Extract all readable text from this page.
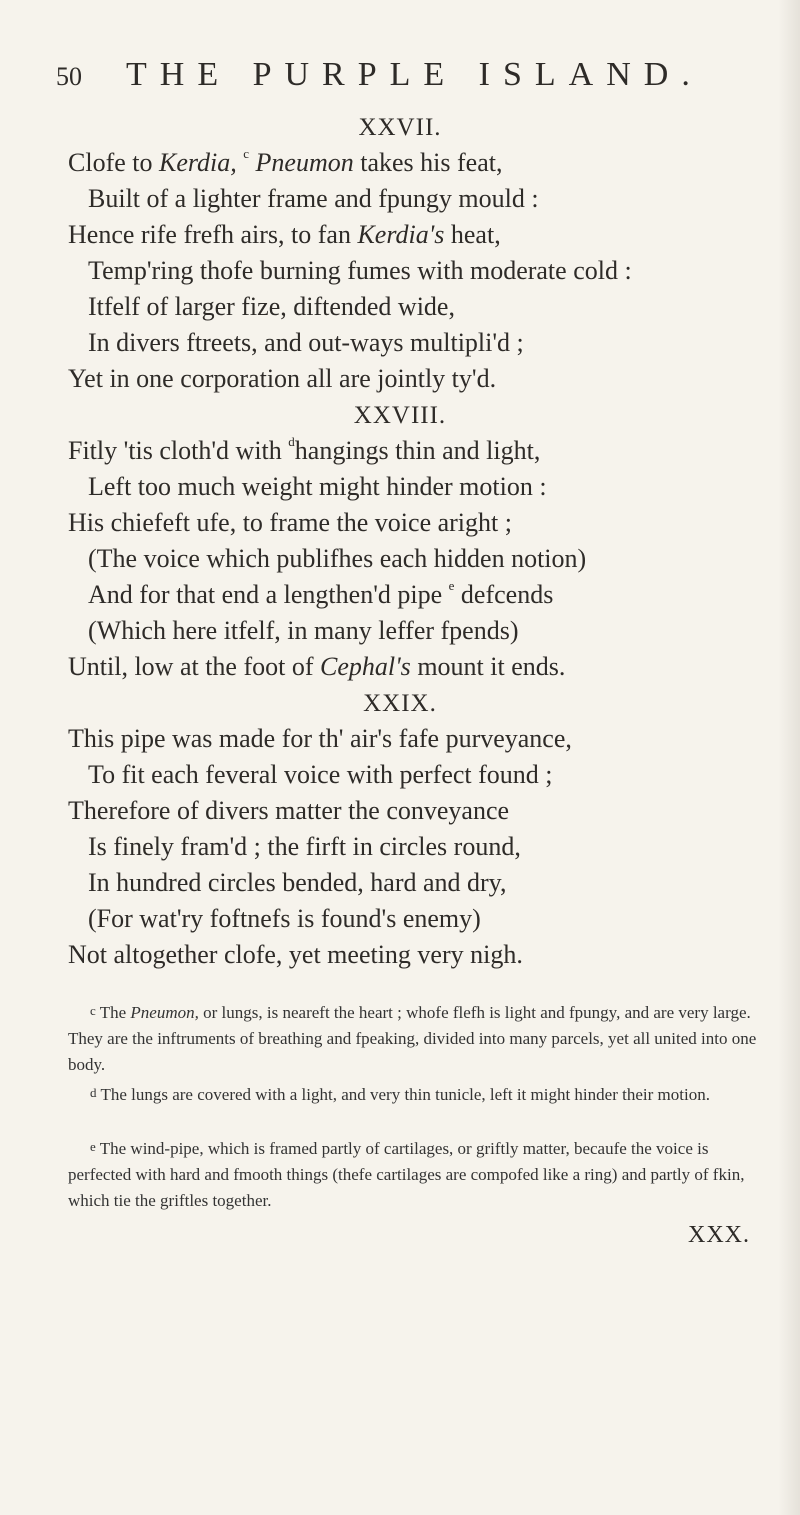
50 THE PURPLE ISLAND.
XXVII.
Clofe to Kerdia, $^c$ Pneumon takes his feat,
Built of a lighter frame and fpungy mould :
Hence rife frefh airs, to fan Kerdia's heat,
Temp'ring thofe burning fumes with moderate cold :
Itfelf of larger fize, diftended wide,
In divers ftreets, and out-ways multipli'd ;
Yet in one corporation all are jointly ty'd.
XXVIII.
Fitly 'tis cloth'd with $^d$hangings thin and light,
Left too much weight might hinder motion :
His chiefeft ufe, to frame the voice aright ;
(The voice which publifhes each hidden notion)
And for that end a lengthen'd pipe $^e$ defcends
(Which here itfelf, in many leffer fpends)
Until, low at the foot of Cephal's mount it ends.
XXIX.
This pipe was made for th' air's fafe purveyance,
To fit each feveral voice with perfect found ;
Therefore of divers matter the conveyance
Is finely fram'd ; the firft in circles round,
In hundred circles bended, hard and dry,
(For wat'ry foftnefs is found's enemy)
Not altogether clofe, yet meeting very nigh.
$^c$ The Pneumon, or lungs, is neareft the heart ; whofe flefh is light and fpungy, and are very large. They are the inftruments of breathing and fpeaking, divided into many parcels, yet all united into one body.
$^d$ The lungs are covered with a light, and very thin tunicle, left it might hinder their motion.
$^e$ The wind-pipe, which is framed partly of cartilages, or griftly matter, becaufe the voice is perfected with hard and fmooth things (thefe cartilages are compofed like a ring) and partly of fkin, which tie the griftles together.
XXX.
